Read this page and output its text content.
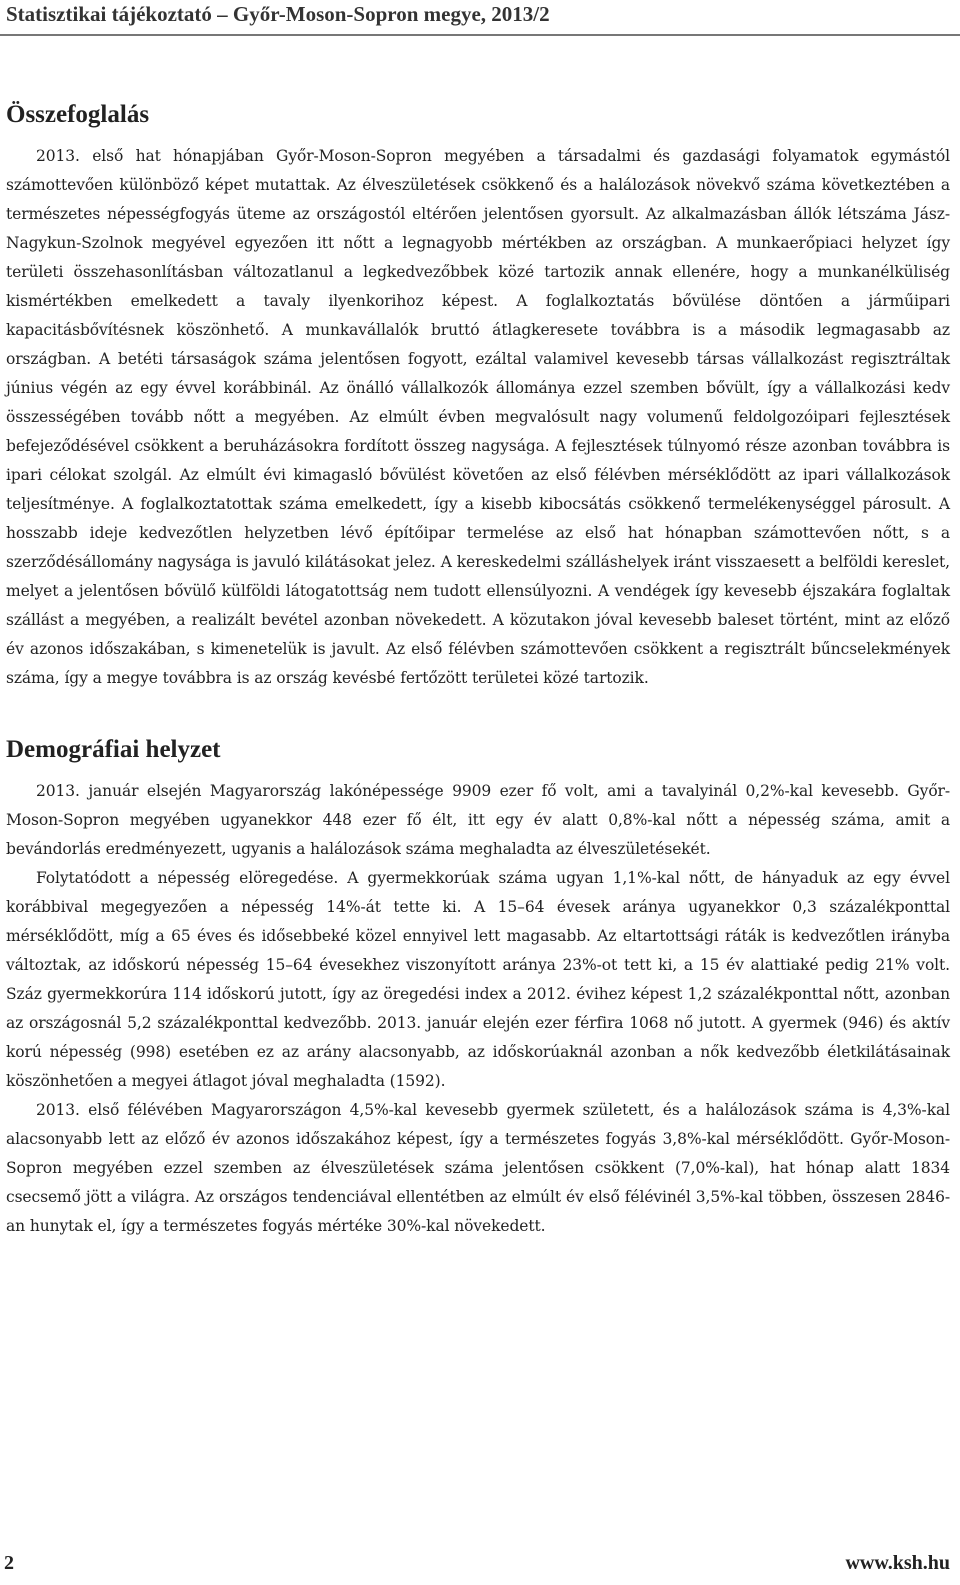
Statisztikai tájékoztató – Győr-Moson-Sopron megye, 2013/2
Összefoglalás

2013. első hat hónapjában Győr-Moson-Sopron megyében a társadalmi és gazdasági folyamatok egymástól számottevően különböző képet mutattak. Az élveszületések csökkenő és a halálozások növekvő száma következtében a természetes népességfogyás üteme az országostól eltérően jelentősen gyorsult. Az alkalmazásban állók létszáma Jász-Nagykun-Szolnok megyével egyezően itt nőtt a legnagyobb mértékben az országban. A munkaerőpiaci helyzet így területi összehasonlításban változatlanul a legkedvezőbbek közé tartozik annak ellenére, hogy a munkanélküliség kismértékben emelkedett a tavaly ilyenkorihoz képest. A foglalkoztatás bővülése döntően a járműipari kapacitásbővítésnek köszönhető. A munkavállalók bruttó átlagkeresete továbbra is a második legmagasabb az országban. A betéti társaságok száma jelentősen fogyott, ezáltal valamivel kevesebb társas vállalkozást regisztráltak június végén az egy évvel korábbinál. Az önálló vállalkozók állománya ezzel szemben bővült, így a vállalkozási kedv összességében tovább nőtt a megyében. Az elmúlt évben megvalósult nagy volumenű feldolgozóipari fejlesztések befejeződésével csökkent a beruházásokra fordított összeg nagysága. A fejlesztések túlnyomó része azonban továbbra is ipari célokat szolgál. Az elmúlt évi kimagasló bővülést követően az első félévben mérséklődött az ipari vállalkozások teljesítménye. A foglalkoztatottak száma emelkedett, így a kisebb kibocsátás csökkenő termelékenységgel párosult. A hosszabb ideje kedvezőtlen helyzetben lévő építőipar termelése az első hat hónapban számottevően nőtt, s a szerződésállomány nagysága is javuló kilátásokat jelez. A kereskedelmi szálláshelyek iránt visszaesett a belföldi kereslet, melyet a jelentősen bővülő külföldi látogatottság nem tudott ellensúlyozni. A vendégek így kevesebb éjszakára foglaltak szállást a megyében, a realizált bevétel azonban növekedett. A közutakon jóval kevesebb baleset történt, mint az előző év azonos időszakában, s kimenetelük is javult. Az első félévben számottevően csökkent a regisztrált bűncselekmények száma, így a megye továbbra is az ország kevésbé fertőzött területei közé tartozik.

Demográfiai helyzet

2013. január elsején Magyarország lakónépessége 9909 ezer fő volt, ami a tavalyinál 0,2%-kal kevesebb. Győr-Moson-Sopron megyében ugyanekkor 448 ezer fő élt, itt egy év alatt 0,8%-kal nőtt a népesség száma, amit a bevándorlás eredményezett, ugyanis a halálozások száma meghaladta az élveszületésekét.

Folytatódott a népesség elöregedése. A gyermekkorúak száma ugyan 1,1%-kal nőtt, de hányaduk az egy évvel korábbival megegyezően a népesség 14%-át tette ki. A 15–64 évesek aránya ugyanekkor 0,3 százalékponttal mérséklődött, míg a 65 éves és idősebbeké közel ennyivel lett magasabb. Az eltartottsági ráták is kedvezőtlen irányba változtak, az időskorú népesség 15–64 évesekhez viszonyított aránya 23%-ot tett ki, a 15 év alattiaké pedig 21% volt. Száz gyermekkorúra 114 időskorú jutott, így az öregedési index a 2012. évihez képest 1,2 százalékponttal nőtt, azonban az országosnál 5,2 százalékponttal kedvezőbb. 2013. január elején ezer férfira 1068 nő jutott. A gyermek (946) és aktív korú népesség (998) esetében ez az arány alacsonyabb, az időskorúaknál azonban a nők kedvezőbb életkilátásainak köszönhetően a megyei átlagot jóval meghaladta (1592).

2013. első félévében Magyarországon 4,5%-kal kevesebb gyermek született, és a halálozások száma is 4,3%-kal alacsonyabb lett az előző év azonos időszakához képest, így a természetes fogyás 3,8%-kal mérséklődött. Győr-Moson-Sopron megyében ezzel szemben az élveszületések száma jelentősen csökkent (7,0%-kal), hat hónap alatt 1834 csecsemő jött a világra. Az országos tendenciával ellentétben az elmúlt év első félévinél 3,5%-kal többen, összesen 2846-an hunytak el, így a természetes fogyás mértéke 30%-kal növekedett.

2	www.ksh.hu
